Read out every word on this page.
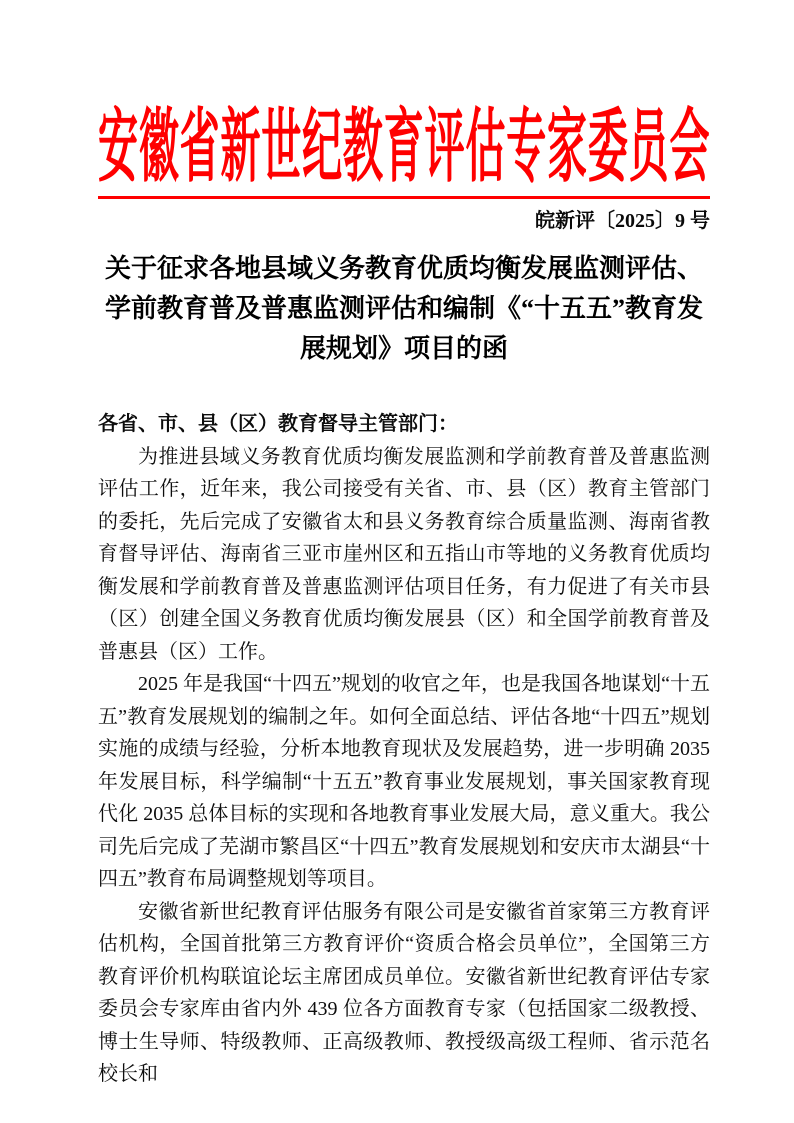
安徽省新世纪教育评估专家委员会
皖新评〔2025〕9 号
关于征求各地县域义务教育优质均衡发展监测评估、
学前教育普及普惠监测评估和编制《“十五五”教育发
展规划》项目的函

各省、市、县（区）教育督导主管部门：

为推进县域义务教育优质均衡发展监测和学前教育普及普惠监测评估工作，近年来，我公司接受有关省、市、县（区）教育主管部门的委托，先后完成了安徽省太和县义务教育综合质量监测、海南省教育督导评估、海南省三亚市崖州区和五指山市等地的义务教育优质均衡发展和学前教育普及普惠监测评估项目任务，有力促进了有关市县（区）创建全国义务教育优质均衡发展县（区）和全国学前教育普及普惠县（区）工作。

2025 年是我国“十四五”规划的收官之年，也是我国各地谋划“十五五”教育发展规划的编制之年。如何全面总结、评估各地“十四五”规划实施的成绩与经验，分析本地教育现状及发展趋势，进一步明确 2035 年发展目标，科学编制“十五五”教育事业发展规划，事关国家教育现代化 2035 总体目标的实现和各地教育事业发展大局，意义重大。我公司先后完成了芜湖市繁昌区“十四五”教育发展规划和安庆市太湖县“十四五”教育布局调整规划等项目。

安徽省新世纪教育评估服务有限公司是安徽省首家第三方教育评估机构，全国首批第三方教育评价“资质合格会员单位”，全国第三方教育评价机构联谊论坛主席团成员单位。安徽省新世纪教育评估专家委员会专家库由省内外 439 位各方面教育专家（包括国家二级教授、博士生导师、特级教师、正高级教师、教授级高级工程师、省示范名校长和
